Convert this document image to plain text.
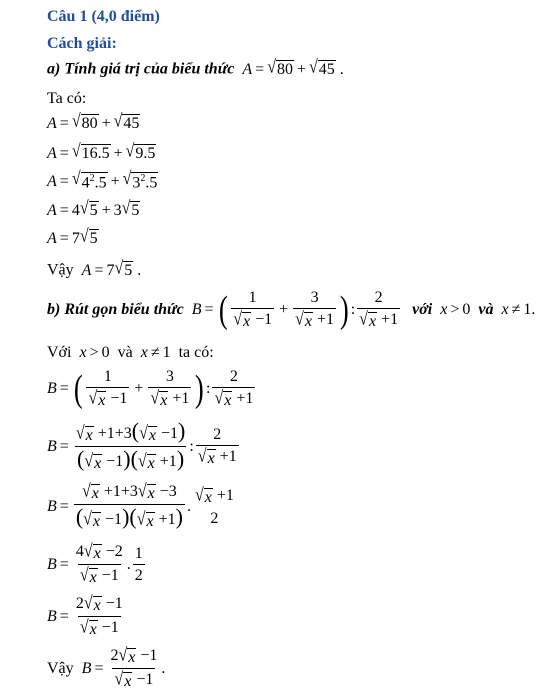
Câu 1 (4,0 điểm)
Cách giải:
a) Tính giá trị của biểu thức A = √ 80 + √ 45 .
Ta có:
A = √ 80 + √ 45
A = √ 16.5 + √ 9.5
A = √ $4^2.5$ + √ $3^2.5$
A = 4 √ 5 + 3 √ 5
A = 7 √ 5
Vậy A = 7 √ 5 .
b) Rút gọn biểu thức B = ( $\frac{1}{√ x -1} + \frac{3}{√ x +1}$ ) : $\frac{2}{√ x +1}$ với x > 0  và x ≠ 1.
Với x > 0  và x ≠ 1  ta có:
B = ( $\frac{1}{√ x -1} + \frac{3}{√ x +1}$ ) : $\frac{2}{√ x +1}$
$B = \frac{√ x +1+3( √ x -1)}{( √ x -1)( √ x +1)}$ : $\frac{2}{√ x +1}$
$B = \frac{√ x +1+3 √ x -3}{( √ x -1)( √ x +1)}$ .
√ x +1
2
$B = \frac{4 √ x -2}{√ x -1}$ . $\frac{1}{2}$
$B = \frac{2 √ x -1}{√ x -1}$
Vậy $B = \frac{2 √ x -1}{√ x -1}$ .
